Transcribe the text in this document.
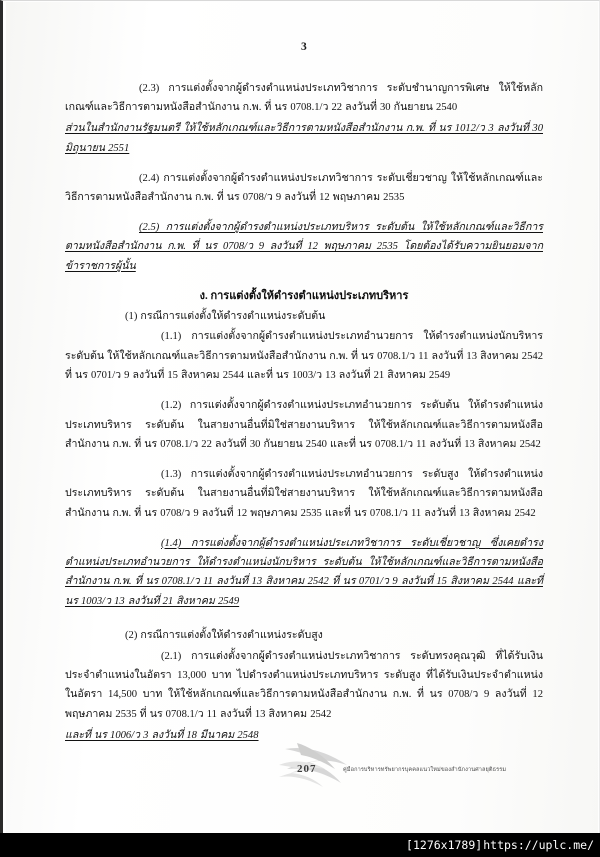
3

(2.3) การแต่งตั้งจากผู้ดำรงตำแหน่งประเภทวิชาการ ระดับชำนาญการพิเศษ ให้ใช้หลักเกณฑ์และวิธีการตามหนังสือสำนักงาน ก.พ. ที่ นร 0708.1/ว 22 ลงวันที่ 30 กันยายน 2540

ส่วนในสำนักงานรัฐมนตรี ให้ใช้หลักเกณฑ์และวิธีการตามหนังสือสำนักงาน ก.พ. ที่ นร 1012/ว 3 ลงวันที่ 30 มิถุนายน 2551

(2.4) การแต่งตั้งจากผู้ดำรงตำแหน่งประเภทวิชาการ ระดับเชี่ยวชาญ ให้ใช้หลักเกณฑ์และวิธีการตามหนังสือสำนักงาน ก.พ. ที่ นร 0708/ว 9 ลงวันที่ 12 พฤษภาคม 2535

(2.5) การแต่งตั้งจากผู้ดำรงตำแหน่งประเภทบริหาร ระดับต้น ให้ใช้หลักเกณฑ์และวิธีการตามหนังสือสำนักงาน ก.พ. ที่ นร 0708/ว 9 ลงวันที่ 12 พฤษภาคม 2535 โดยต้องได้รับความยินยอมจากข้าราชการผู้นั้น

ง. การแต่งตั้งให้ดำรงตำแหน่งประเภทบริหาร

(1) กรณีการแต่งตั้งให้ดำรงตำแหน่งระดับต้น

(1.1) การแต่งตั้งจากผู้ดำรงตำแหน่งประเภทอำนวยการ ให้ดำรงตำแหน่งนักบริหารระดับต้น ให้ใช้หลักเกณฑ์และวิธีการตามหนังสือสำนักงาน ก.พ. ที่ นร 0708.1/ว 11 ลงวันที่ 13 สิงหาคม 2542 ที่ นร 0701/ว 9 ลงวันที่ 15 สิงหาคม 2544 และที่ นร 1003/ว 13 ลงวันที่ 21 สิงหาคม 2549

(1.2) การแต่งตั้งจากผู้ดำรงตำแหน่งประเภทอำนวยการ ระดับต้น ให้ดำรงตำแหน่งประเภทบริหาร ระดับต้น ในสายงานอื่นที่มิใช่สายงานบริหาร ให้ใช้หลักเกณฑ์และวิธีการตามหนังสือสำนักงาน ก.พ. ที่ นร 0708.1/ว 22 ลงวันที่ 30 กันยายน 2540 และที่ นร 0708.1/ว 11 ลงวันที่ 13 สิงหาคม 2542

(1.3) การแต่งตั้งจากผู้ดำรงตำแหน่งประเภทอำนวยการ ระดับสูง ให้ดำรงตำแหน่งประเภทบริหาร ระดับต้น ในสายงานอื่นที่มิใช่สายงานบริหาร ให้ใช้หลักเกณฑ์และวิธีการตามหนังสือสำนักงาน ก.พ. ที่ นร 0708/ว 9 ลงวันที่ 12 พฤษภาคม 2535 และที่ นร 0708.1/ว 11 ลงวันที่ 13 สิงหาคม 2542

(1.4) การแต่งตั้งจากผู้ดำรงตำแหน่งประเภทวิชาการ ระดับเชี่ยวชาญ ซึ่งเคยดำรงตำแหน่งประเภทอำนวยการ ให้ดำรงตำแหน่งนักบริหาร ระดับต้น ให้ใช้หลักเกณฑ์และวิธีการตามหนังสือสำนักงาน ก.พ. ที่ นร 0708.1/ว 11 ลงวันที่ 13 สิงหาคม 2542 ที่ นร 0701/ว 9 ลงวันที่ 15 สิงหาคม 2544 และที่ นร 1003/ว 13 ลงวันที่ 21 สิงหาคม 2549

(2) กรณีการแต่งตั้งให้ดำรงตำแหน่งระดับสูง

(2.1) การแต่งตั้งจากผู้ดำรงตำแหน่งประเภทวิชาการ ระดับทรงคุณวุฒิ ที่ได้รับเงินประจำตำแหน่งในอัตรา 13,000 บาท ไปดำรงตำแหน่งประเภทบริหาร ระดับสูง ที่ได้รับเงินประจำตำแหน่งในอัตรา 14,500 บาท ให้ใช้หลักเกณฑ์และวิธีการตามหนังสือสำนักงาน ก.พ. ที่ นร 0708/ว 9 ลงวันที่ 12 พฤษภาคม 2535 ที่ นร 0708.1/ว 11 ลงวันที่ 13 สิงหาคม 2542

และที่ นร 1006/ว 3 ลงวันที่ 18 มีนาคม 2548

207	คู่มือการบริหารทรัพยากรบุคคลแนวใหม่ของสำนักงานศาลยุติธรรม
[1276x1789] https://uplc.me/
